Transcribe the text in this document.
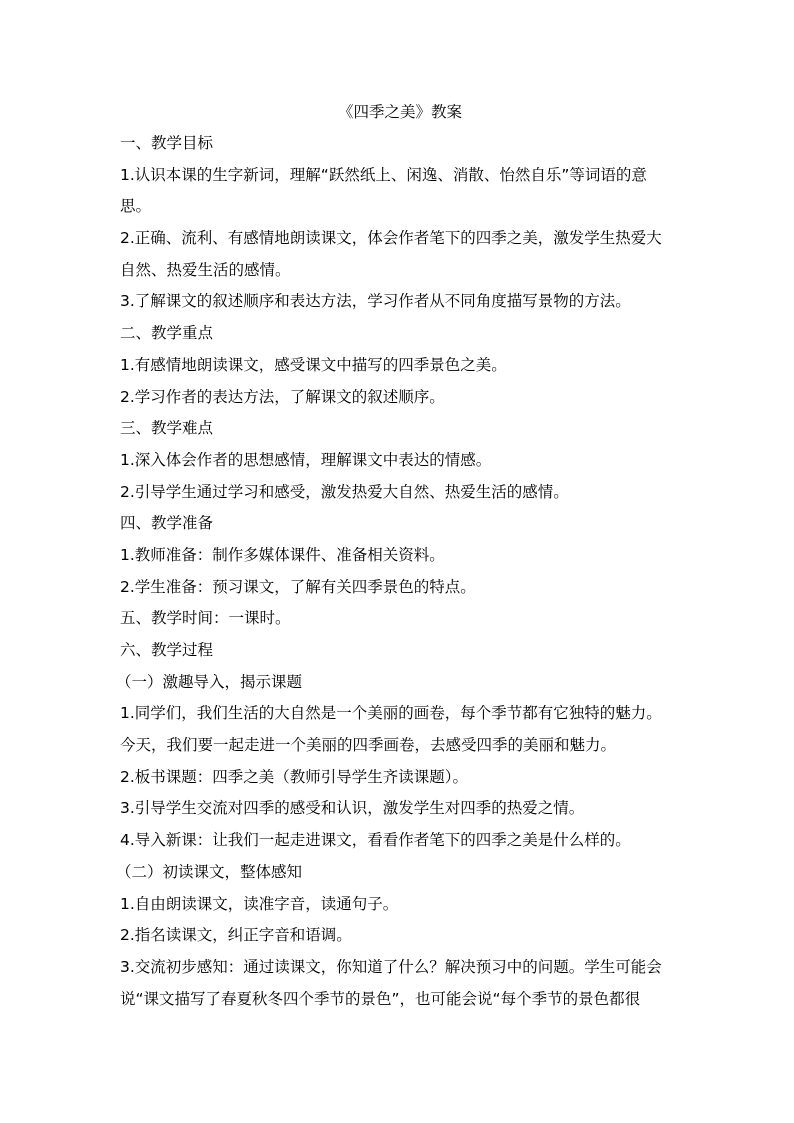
《四季之美》教案
一、教学目标
1.认识本课的生字新词，理解“跃然纸上、闲逸、消散、怡然自乐”等词语的意
思。
2.正确、流利、有感情地朗读课文，体会作者笔下的四季之美，激发学生热爱大
自然、热爱生活的感情。
3.了解课文的叙述顺序和表达方法，学习作者从不同角度描写景物的方法。
二、教学重点
1.有感情地朗读课文，感受课文中描写的四季景色之美。
2.学习作者的表达方法，了解课文的叙述顺序。
三、教学难点
1.深入体会作者的思想感情，理解课文中表达的情感。
2.引导学生通过学习和感受，激发热爱大自然、热爱生活的感情。
四、教学准备
1.教师准备：制作多媒体课件、准备相关资料。
2.学生准备：预习课文，了解有关四季景色的特点。
五、教学时间：一课时。
六、教学过程
（一）激趣导入，揭示课题
1.同学们，我们生活的大自然是一个美丽的画卷，每个季节都有它独特的魅力。
今天，我们要一起走进一个美丽的四季画卷，去感受四季的美丽和魅力。
2.板书课题：四季之美（教师引导学生齐读课题）。
3.引导学生交流对四季的感受和认识，激发学生对四季的热爱之情。
4.导入新课：让我们一起走进课文，看看作者笔下的四季之美是什么样的。
（二）初读课文，整体感知
1.自由朗读课文，读准字音，读通句子。
2.指名读课文，纠正字音和语调。
3.交流初步感知：通过读课文，你知道了什么？解决预习中的问题。学生可能会
说“课文描写了春夏秋冬四个季节的景色”，也可能会说“每个季节的景色都很
